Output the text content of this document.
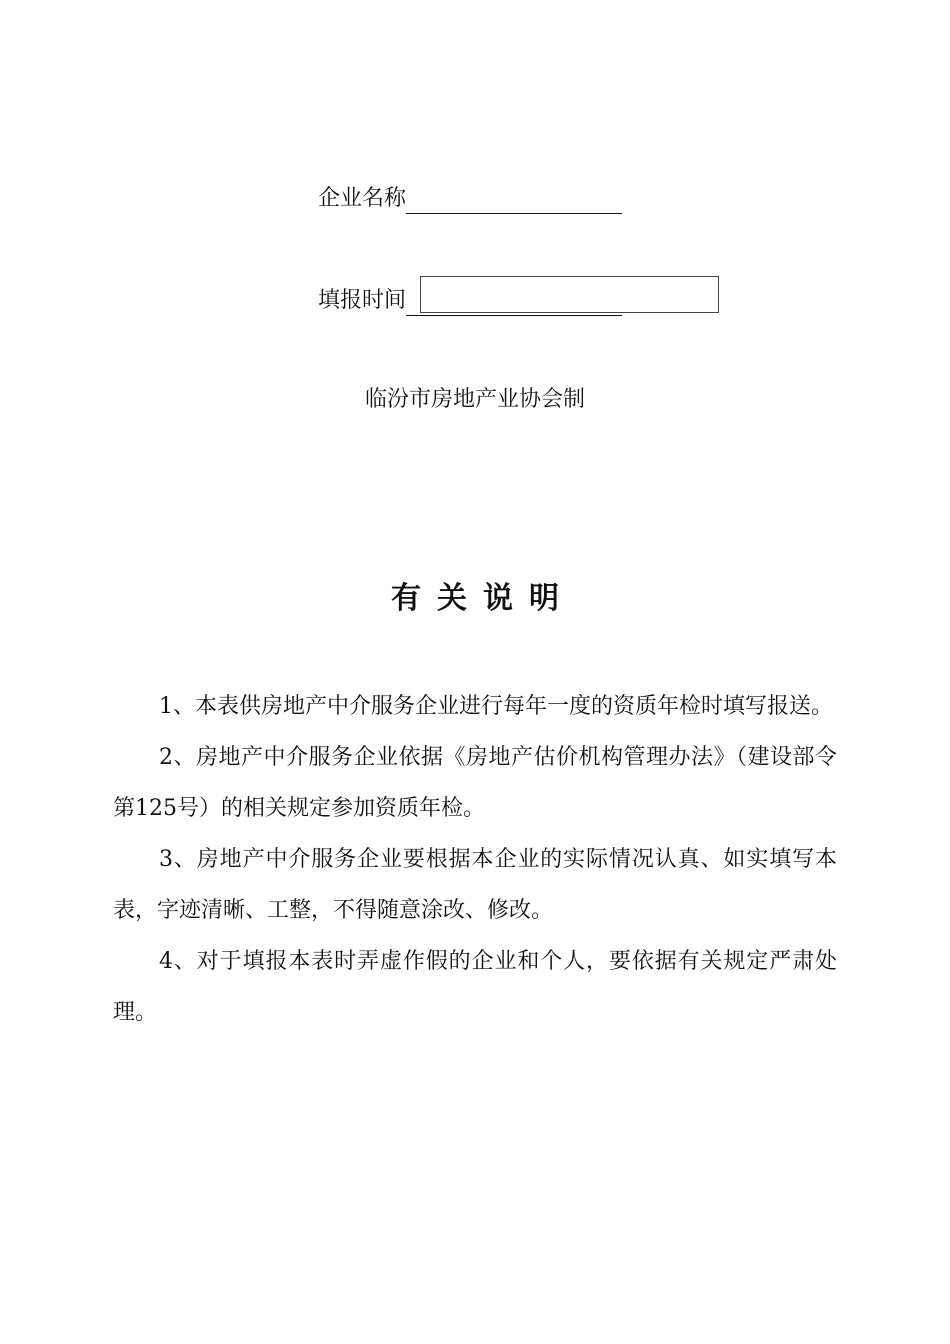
企业名称
填报时间
临汾市房地产业协会制
有关说明

1、本表供房地产中介服务企业进行每年一度的资质年检时填写报送。

2、房地产中介服务企业依据《房地产估价机构管理办法》（建设部令第125号）的相关规定参加资质年检。

3、房地产中介服务企业要根据本企业的实际情况认真、如实填写本表，字迹清晰、工整，不得随意涂改、修改。

4、对于填报本表时弄虚作假的企业和个人，要依据有关规定严肃处理。
